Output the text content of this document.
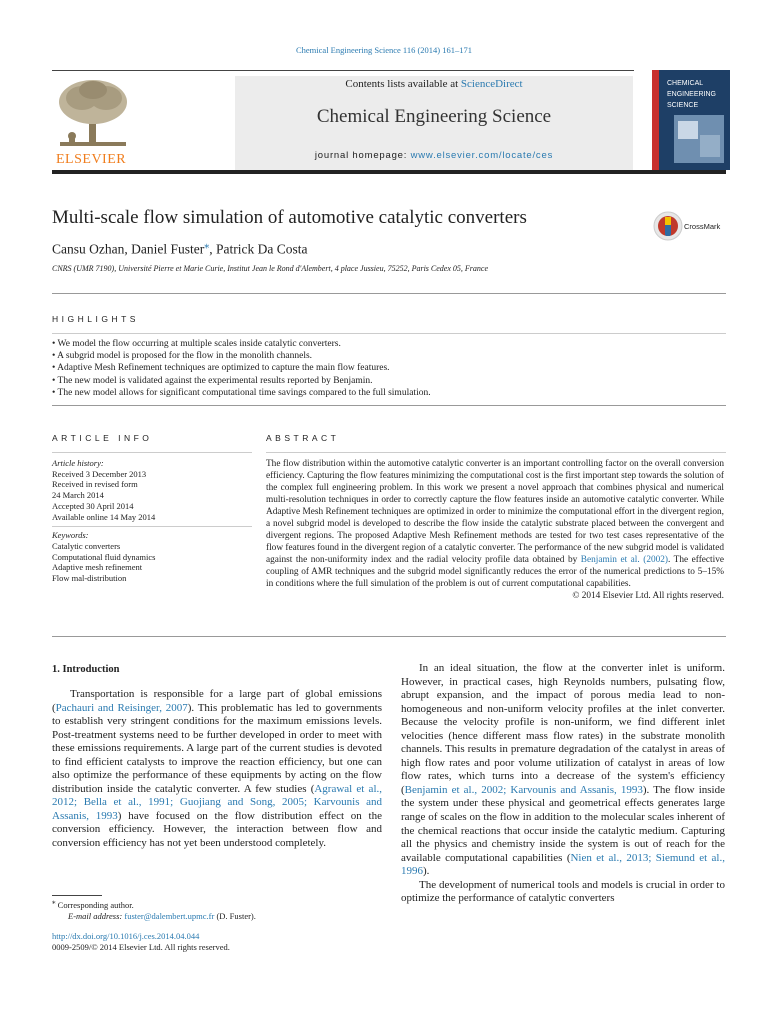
Chemical Engineering Science 116 (2014) 161–171
ELSEVIER
Contents lists available at ScienceDirect
Chemical Engineering Science
journal homepage: www.elsevier.com/locate/ces
CHEMICAL
ENGINEERING
SCIENCE
Multi-scale flow simulation of automotive catalytic converters
Cansu Ozhan, Daniel Fuster⁎, Patrick Da Costa
CNRS (UMR 7190), Université Pierre et Marie Curie, Institut Jean le Rond d'Alembert, 4 place Jussieu, 75252, Paris Cedex 05, France
CrossMark
HIGHLIGHTS
• We model the flow occurring at multiple scales inside catalytic converters.
• A subgrid model is proposed for the flow in the monolith channels.
• Adaptive Mesh Refinement techniques are optimized to capture the main flow features.
• The new model is validated against the experimental results reported by Benjamin.
• The new model allows for significant computational time savings compared to the full simulation.
ARTICLE INFO
Article history:
Received 3 December 2013
Received in revised form
24 March 2014
Accepted 30 April 2014
Available online 14 May 2014
Keywords:
Catalytic converters
Computational fluid dynamics
Adaptive mesh refinement
Flow mal-distribution
ABSTRACT
The flow distribution within the automotive catalytic converter is an important controlling factor on the overall conversion efficiency. Capturing the flow features minimizing the computational cost is the first important step towards the solution of the complex full engineering problem. In this work we present a novel approach that combines physical and numerical multi-resolution techniques in order to correctly capture the flow features inside an automotive catalytic converter. While Adaptive Mesh Refinement techniques are optimized in order to minimize the computational effort in the divergent region, a novel subgrid model is developed to describe the flow inside the catalytic substrate placed between the convergent and divergent regions. The proposed Adaptive Mesh Refinement methods are tested for two test cases representative of the flow features found in the divergent region of a catalytic converter. The performance of the new subgrid model is validated against the non-uniformity index and the radial velocity profile data obtained by Benjamin et al. (2002). The effective coupling of AMR techniques and the subgrid model significantly reduces the error of the numerical predictions to 5–15% in conditions where the full simulation of the problem is out of current computational capabilities.
© 2014 Elsevier Ltd. All rights reserved.
1. Introduction

Transportation is responsible for a large part of global emissions (Pachauri and Reisinger, 2007). This problematic has led to governments to establish very stringent conditions for the maximum emissions levels. Post-treatment systems need to be further developed in order to meet with these emissions requirements. A large part of the current studies is devoted to find efficient catalysts to improve the reaction efficiency, but one can also optimize the performance of these equipments by acting on the flow distribution inside the catalytic converter. A few studies (Agrawal et al., 2012; Bella et al., 1991; Guojiang and Song, 2005; Karvounis and Assanis, 1993) have focused on the flow distribution effect on the conversion efficiency. However, the interaction between flow and conversion efficiency has not yet been understood completely.

In an ideal situation, the flow at the converter inlet is uniform. However, in practical cases, high Reynolds numbers, pulsating flow, abrupt expansion, and the impact of porous media lead to non-homogeneous and non-uniform velocity profiles at the inlet converter. Because the velocity profile is non-uniform, we find different inlet velocities (hence different mass flow rates) in the substrate monolith channels. This results in premature degradation of the catalyst in areas of high flow rates and poor volume utilization of catalyst in areas of low flow rates, which turns into a decrease of the system's efficiency (Benjamin et al., 2002; Karvounis and Assanis, 1993). The flow inside the system under these physical and geometrical effects generates large range of scales on the flow in addition to the molecular scales inherent of the chemical reactions that occur inside the catalytic medium. Capturing all the physics and chemistry inside the system is out of reach for the available computational capabilities (Nien et al., 2013; Siemund et al., 1996).

The development of numerical tools and models is crucial in order to optimize the performance of catalytic converters

⁎ Corresponding author.
E-mail address: fuster@dalembert.upmc.fr (D. Fuster).
http://dx.doi.org/10.1016/j.ces.2014.04.044
0009-2509/© 2014 Elsevier Ltd. All rights reserved.
